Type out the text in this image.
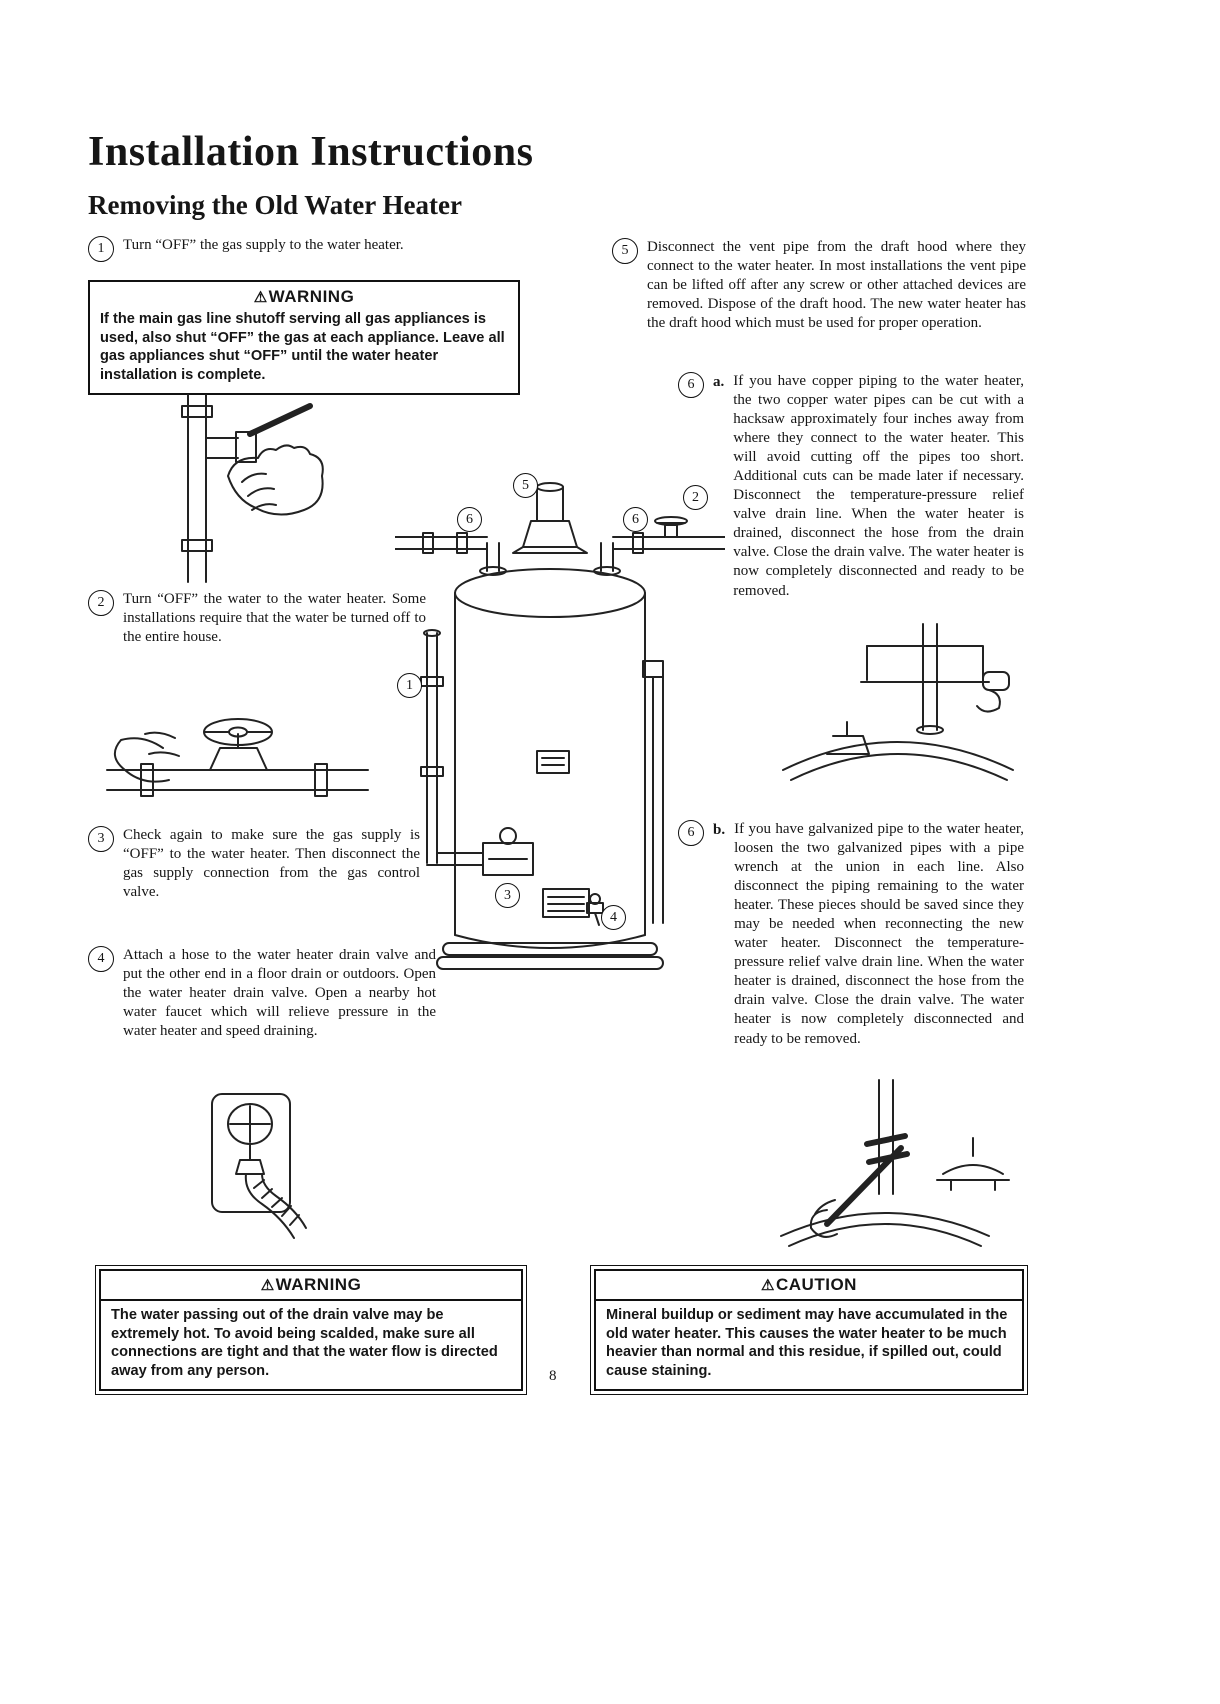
Installation Instructions
Removing the Old Water Heater
1	Turn “OFF” the gas supply to the water heater.
⚠WARNING
If the main gas line shutoff serving all gas appliances is used, also shut “OFF” the gas at each appliance. Leave all gas appliances shut “OFF” until the water heater installation is complete.
2	Turn “OFF” the water to the water heater. Some installations require that the water be turned off to the entire house.
3	Check again to make sure the gas supply is “OFF” to the water heater. Then disconnect the gas supply connection from the gas control valve.
4	Attach a hose to the water heater drain valve and put the other end in a floor drain or outdoors. Open the water heater drain valve. Open a nearby hot water faucet which will relieve pressure in the water heater and speed draining.
⚠WARNING
The water passing out of the drain valve may be extremely hot. To avoid being scalded, make sure all connections are tight and that the water flow is directed away from any person.
5
6	6
2
1
3
4
5	Disconnect the vent pipe from the draft hood where they connect to the water heater. In most installations the vent pipe can be lifted off after any screw or other attached devices are removed. Dispose of the draft hood. The new water heater has the draft hood which must be used for proper operation.
6	a. If you have copper piping to the water heater, the two copper water pipes can be cut with a hacksaw approximately four inches away from where they connect to the water heater. This will avoid cutting off the pipes too short. Additional cuts can be made later if necessary. Disconnect the temperature-pressure relief valve drain line. When the water heater is drained, disconnect the hose from the drain valve. Close the drain valve. The water heater is now completely disconnected and ready to be removed.
6	b. If you have galvanized pipe to the water heater, loosen the two galvanized pipes with a pipe wrench at the union in each line. Also disconnect the piping remaining to the water heater. These pieces should be saved since they may be needed when reconnecting the new water heater. Disconnect the temperature-pressure relief valve drain line. When the water heater is drained, disconnect the hose from the drain valve. Close the drain valve. The water heater is now completely disconnected and ready to be removed.
⚠CAUTION
Mineral buildup or sediment may have accumulated in the old water heater. This causes the water heater to be much heavier than normal and this residue, if spilled out, could cause staining.
8
